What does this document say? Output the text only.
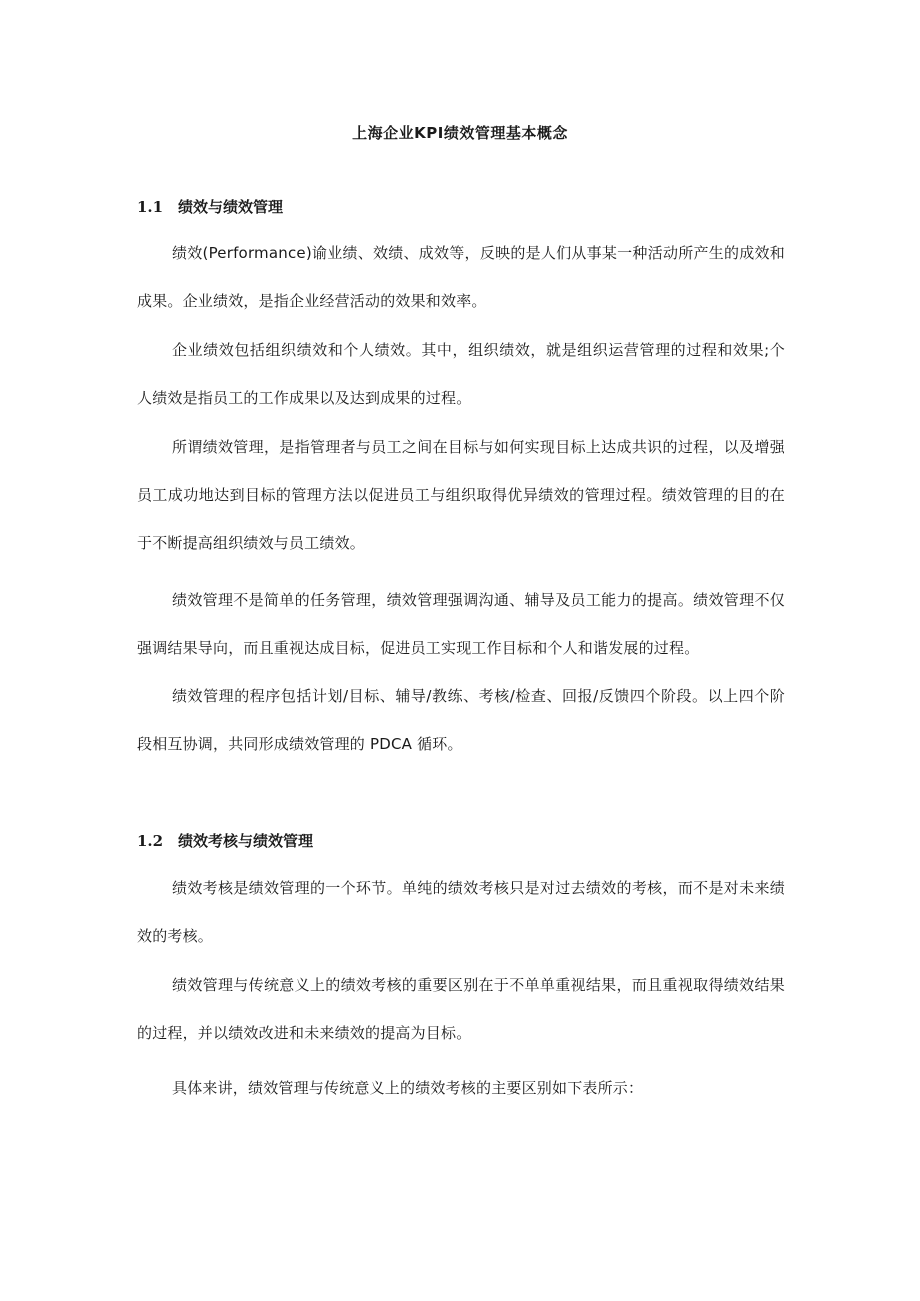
上海企业KPI绩效管理基本概念
1.1 绩效与绩效管理

绩效(Performance)谕业绩、效绩、成效等，反映的是人们从事某一种活动所产生的成效和成果。企业绩效，是指企业经营活动的效果和效率。

企业绩效包括组织绩效和个人绩效。其中，组织绩效，就是组织运营管理的过程和效果;个人绩效是指员工的工作成果以及达到成果的过程。

所谓绩效管理，是指管理者与员工之间在目标与如何实现目标上达成共识的过程，以及增强员工成功地达到目标的管理方法以促进员工与组织取得优异绩效的管理过程。绩效管理的目的在于不断提高组织绩效与员工绩效。

绩效管理不是简单的任务管理，绩效管理强调沟通、辅导及员工能力的提高。绩效管理不仅强调结果导向，而且重视达成目标，促进员工实现工作目标和个人和谐发展的过程。

绩效管理的程序包括计划/目标、辅导/教练、考核/检查、回报/反馈四个阶段。以上四个阶段相互协调，共同形成绩效管理的 PDCA 循环。

1.2 绩效考核与绩效管理

绩效考核是绩效管理的一个环节。单纯的绩效考核只是对过去绩效的考核，而不是对未来绩效的考核。

绩效管理与传统意义上的绩效考核的重要区别在于不单单重视结果，而且重视取得绩效结果的过程，并以绩效改进和未来绩效的提高为目标。

具体来讲，绩效管理与传统意义上的绩效考核的主要区别如下表所示：
